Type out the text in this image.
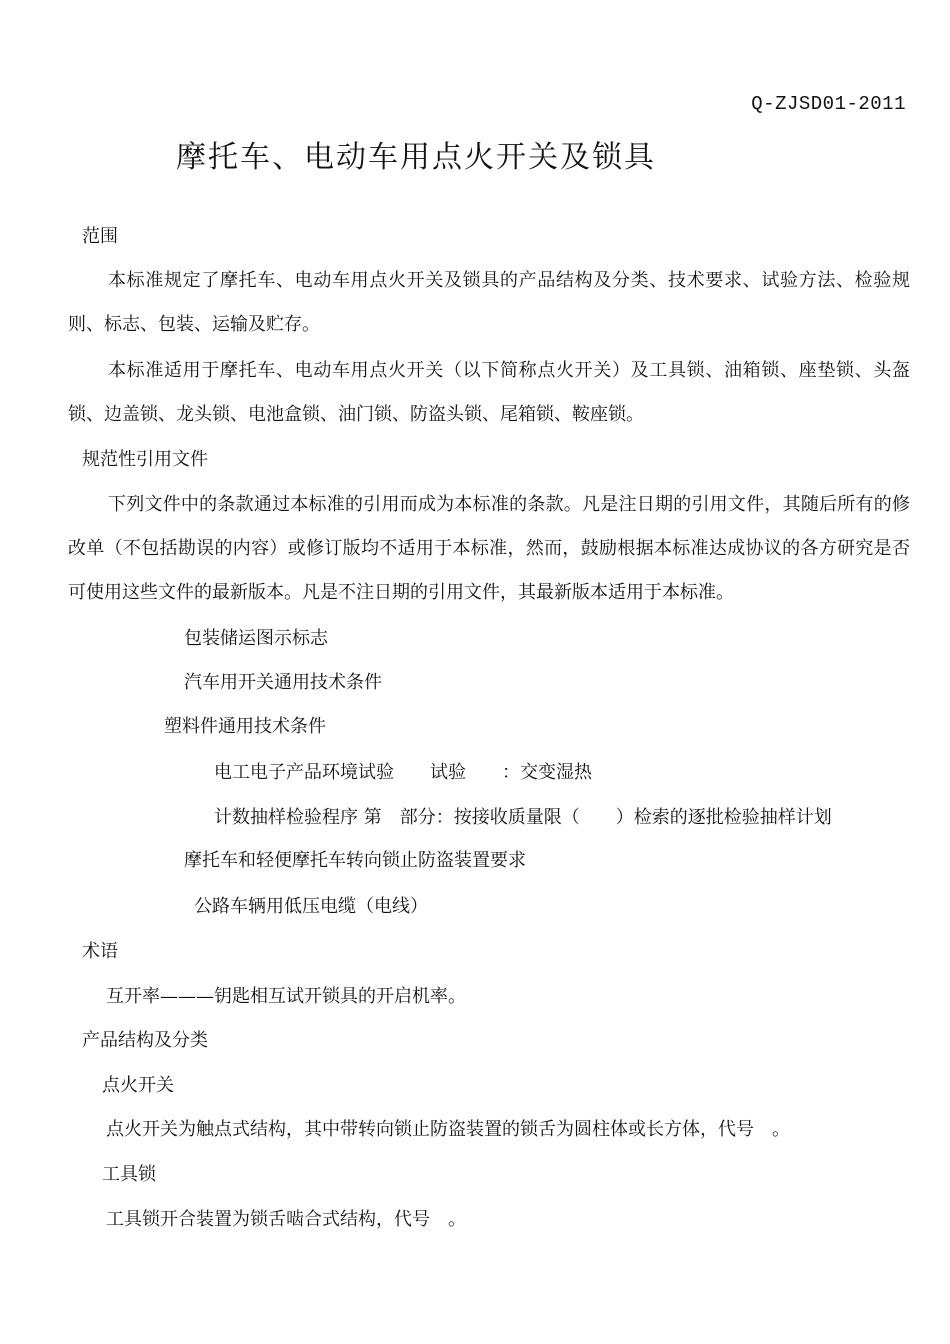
Q-ZJSD01-2011
摩托车、电动车用点火开关及锁具
范围
本标准规定了摩托车、电动车用点火开关及锁具的产品结构及分类、技术要求、试验方法、检验规则、标志、包装、运输及贮存。
本标准适用于摩托车、电动车用点火开关（以下简称点火开关）及工具锁、油箱锁、座垫锁、头盔锁、边盖锁、龙头锁、电池盒锁、油门锁、防盗头锁、尾箱锁、鞍座锁。
规范性引用文件
下列文件中的条款通过本标准的引用而成为本标准的条款。凡是注日期的引用文件，其随后所有的修改单（不包括勘误的内容）或修订版均不适用于本标准，然而，鼓励根据本标准达成协议的各方研究是否可使用这些文件的最新版本。凡是不注日期的引用文件，其最新版本适用于本标准。
包装储运图示标志
汽车用开关通用技术条件
塑料件通用技术条件
电工电子产品环境试验　　试验　　：交变湿热
计数抽样检验程序 第　部分：按接收质量限（　　）检索的逐批检验抽样计划
摩托车和轻便摩托车转向锁止防盗装置要求
公路车辆用低压电缆（电线）
术语
互开率———钥匙相互试开锁具的开启机率。
产品结构及分类
点火开关
点火开关为触点式结构，其中带转向锁止防盗装置的锁舌为圆柱体或长方体，代号　。
工具锁
工具锁开合装置为锁舌啮合式结构，代号　。
